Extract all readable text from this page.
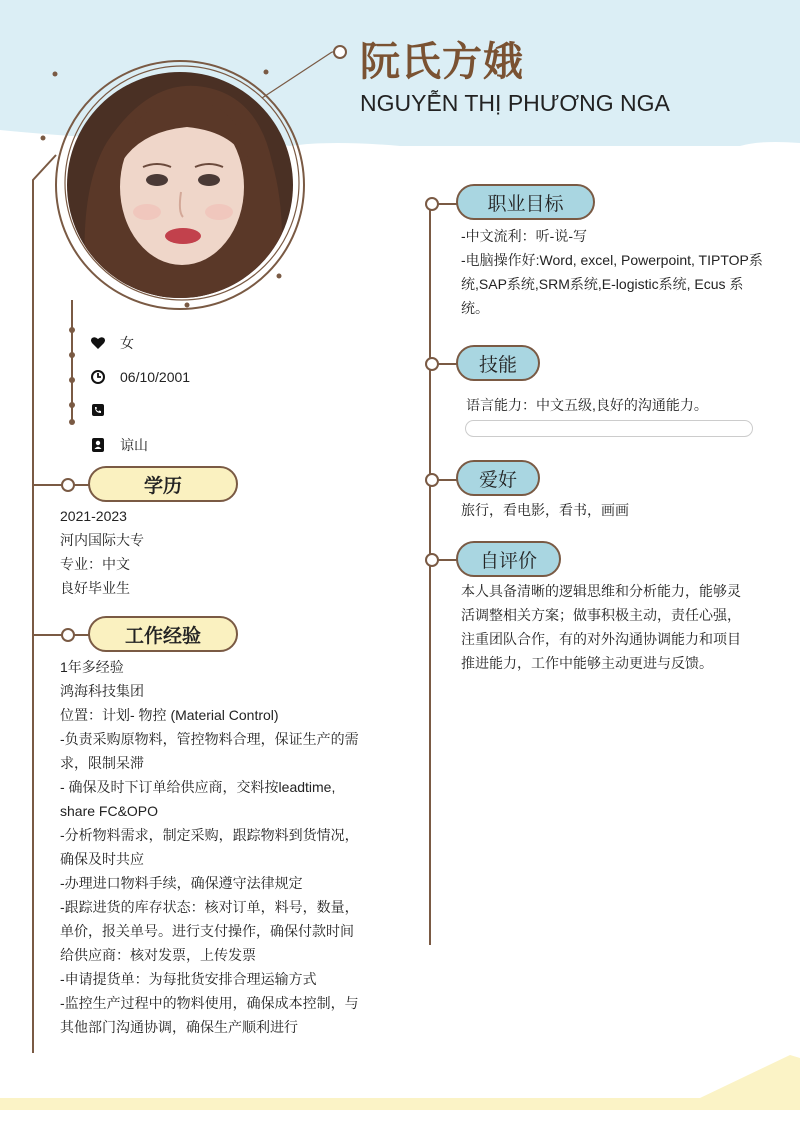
阮氏方娥
NGUYỄN THỊ PHƯƠNG NGA
女
06/10/2001
谅山
学历
2021-2023
河内国际大专
专业：中文
良好毕业生
工作经验
1年多经验
鸿海科技集团
位置：计划- 物控 (Material Control)
-负责采购原物料，管控物料合理，保证生产的需
求，限制呆滞
- 确保及时下订单给供应商，交料按leadtime,
share FC&OPO
-分析物料需求，制定采购，跟踪物料到货情况，
确保及时共应
-办理进口物料手续，确保遵守法律规定
-跟踪进货的库存状态：核对订单，料号，数量，
单价，报关单号。进行支付操作，确保付款时间
给供应商：核对发票，上传发票
-申请提货单：为每批货安排合理运输方式
-监控生产过程中的物料使用，确保成本控制，与
其他部门沟通协调，确保生产顺利进行
职业目标
-中文流利：听-说-写
-电脑操作好:Word, excel, Powerpoint, TIPTOP系
统,SAP系统,SRM系统,E-logistic系统, Ecus 系
统。
技能
语言能力：中文五级,良好的沟通能力。
爱好
旅行，看电影，看书，画画
自评价
本人具备清晰的逻辑思维和分析能力，能够灵
活调整相关方案；做事积极主动，责任心强，
注重团队合作，有的对外沟通协调能力和项目
推进能力，工作中能够主动更进与反馈。
